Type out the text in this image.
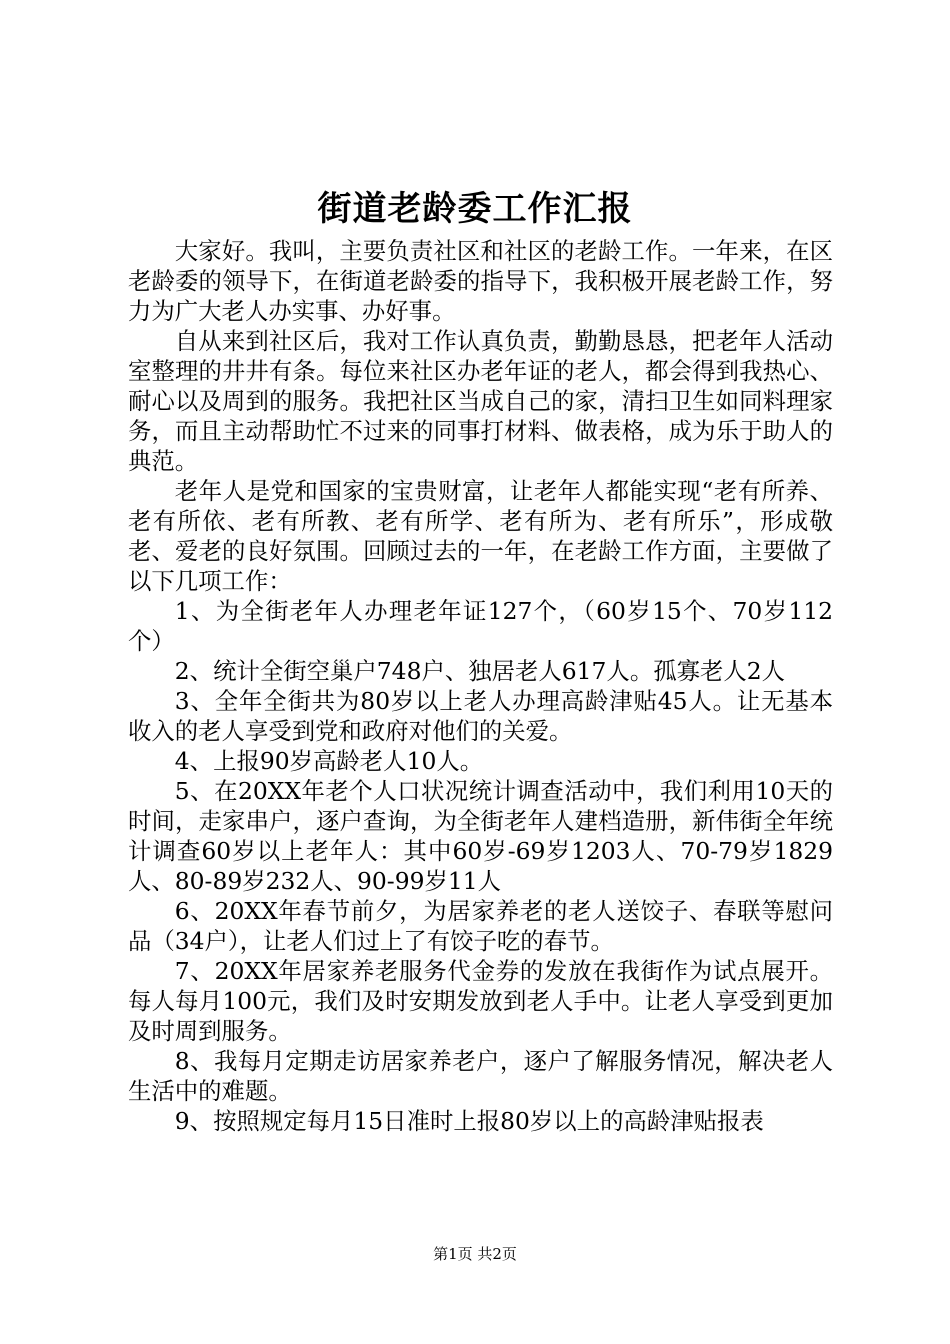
街道老龄委工作汇报

大家好。我叫，主要负责社区和社区的老龄工作。一年来，在区老龄委的领导下，在街道老龄委的指导下，我积极开展老龄工作，努力为广大老人办实事、办好事。

自从来到社区后，我对工作认真负责，勤勤恳恳，把老年人活动室整理的井井有条。每位来社区办老年证的老人，都会得到我热心、耐心以及周到的服务。我把社区当成自己的家，清扫卫生如同料理家务，而且主动帮助忙不过来的同事打材料、做表格，成为乐于助人的典范。

老年人是党和国家的宝贵财富，让老年人都能实现“老有所养、老有所依、老有所教、老有所学、老有所为、老有所乐”，形成敬老、爱老的良好氛围。回顾过去的一年，在老龄工作方面，主要做了以下几项工作：

1、为全街老年人办理老年证127个，（60岁15个、70岁112个）

2、统计全街空巢户748户、独居老人617人。孤寡老人2人

3、全年全街共为80岁以上老人办理高龄津贴45人。让无基本收入的老人享受到党和政府对他们的关爱。

4、上报90岁高龄老人10人。

5、在20XX年老个人口状况统计调查活动中，我们利用10天的时间，走家串户，逐户查询，为全街老年人建档造册，新伟街全年统计调查60岁以上老年人：其中60岁-69岁1203人、70-79岁1829人、80-89岁232人、90-99岁11人

6、20XX年春节前夕，为居家养老的老人送饺子、春联等慰问品（34户），让老人们过上了有饺子吃的春节。

7、20XX年居家养老服务代金券的发放在我街作为试点展开。每人每月100元，我们及时安期发放到老人手中。让老人享受到更加及时周到服务。

8、我每月定期走访居家养老户，逐户了解服务情况，解决老人生活中的难题。

9、按照规定每月15日准时上报80岁以上的高龄津贴报表

第1页 共2页
